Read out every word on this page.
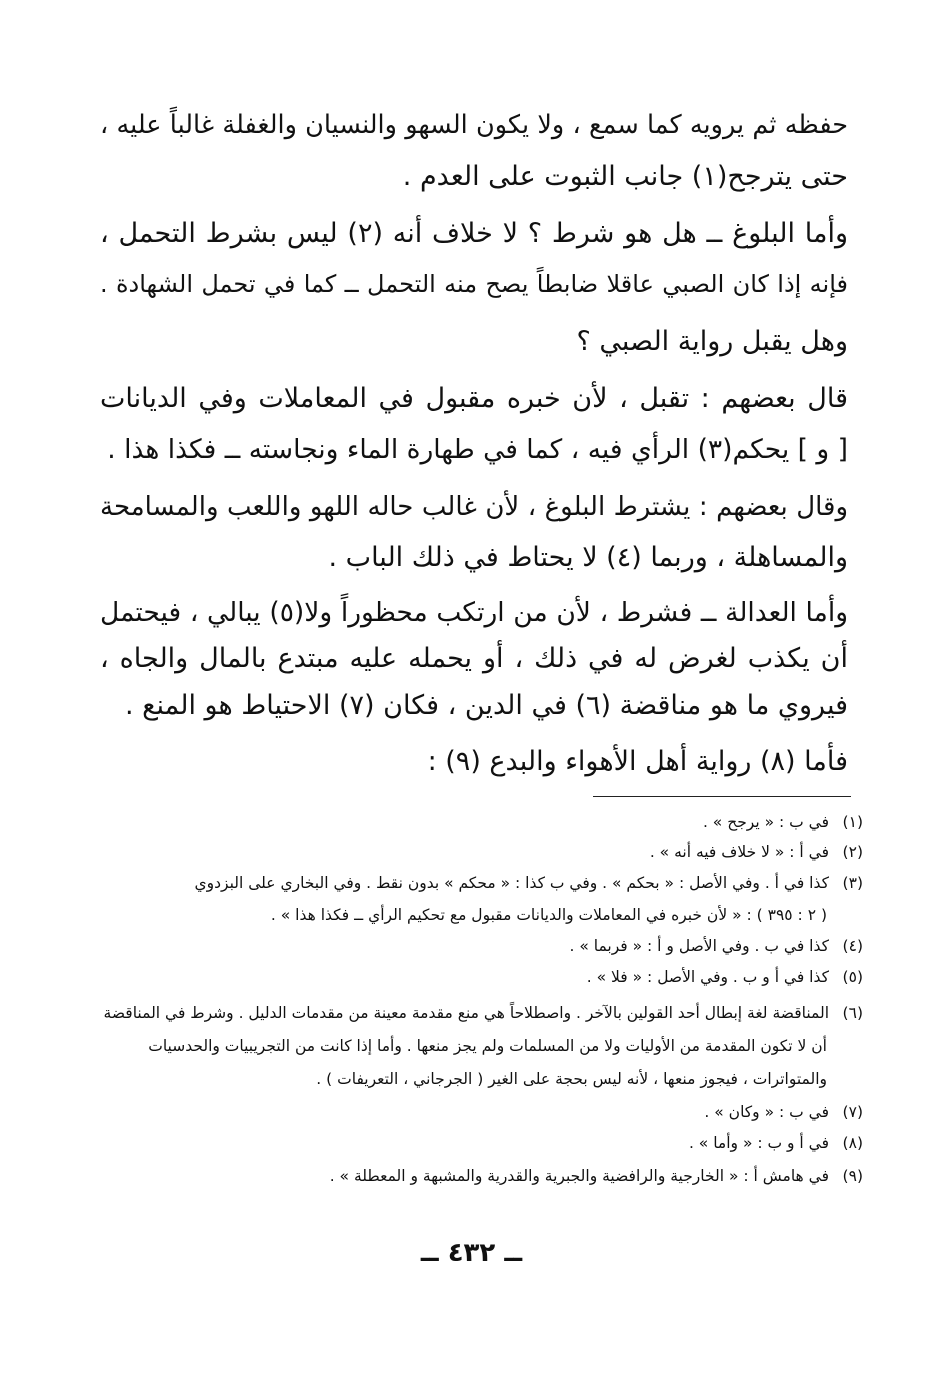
حفظه ثم يرويه كما سمع ، ولا يكون السهو والنسيان والغفلة غالباً عليه ،
حتى يترجح(١) جانب الثبوت على العدم .
وأما البلوغ ــ هل هو شرط ؟ لا خلاف أنه (٢) ليس بشرط التحمل ،
فإنه إذا كان الصبي عاقلا ضابطاً يصح منه التحمل ــ كما في تحمل الشهادة .
وهل يقبل رواية الصبي ؟
قال بعضهم : تقبل ، لأن خبره مقبول في المعاملات وفي الديانات
[ و ] يحكم(٣) الرأي فيه ، كما في طهارة الماء ونجاسته ــ فكذا هذا .
وقال بعضهم : يشترط البلوغ ، لأن غالب حاله اللهو واللعب والمسامحة
والمساهلة ، وربما (٤) لا يحتاط في ذلك الباب .
وأما العدالة ــ فشرط ، لأن من ارتكب محظوراً ولا(٥) يبالي ، فيحتمل
أن يكذب لغرض له في ذلك ، أو يحمله عليه مبتدع بالمال والجاه ،
فيروي ما هو مناقضة (٦) في الدين ، فكان (٧) الاحتياط هو المنع .
فأما (٨) رواية أهل الأهواء والبدع (٩) :
(١)في ب : « يرجح » .
(٢)في أ : « لا خلاف فيه أنه » .
(٣)كذا في أ . وفي الأصل : « بحكم » . وفي ب كذا : « محكم » بدون نقط . وفي البخاري على البزدوي
( ٢ : ٣٩٥ ) : « لأن خبره في المعاملات والديانات مقبول مع تحكيم الرأي ــ فكذا هذا » .
(٤)كذا في ب . وفي الأصل و أ : « فربما » .
(٥)كذا في أ و ب . وفي الأصل : « فلا » .
(٦)المناقضة لغة إبطال أحد القولين بالآخر . واصطلاحاً هي منع مقدمة معينة من مقدمات الدليل . وشرط في المناقضة
أن لا تكون المقدمة من الأوليات ولا من المسلمات ولم يجز منعها . وأما إذا كانت من التجريبيات والحدسيات
والمتواترات ، فيجوز منعها ، لأنه ليس بحجة على الغير ( الجرجاني ، التعريفات ) .
(٧)في ب : « وكان » .
(٨)في أ و ب : « وأما » .
(٩)في هامش أ : « الخارجية والرافضية والجبرية والقدرية والمشبهة و المعطلة » .
ــ ٤٣٢ ــ
